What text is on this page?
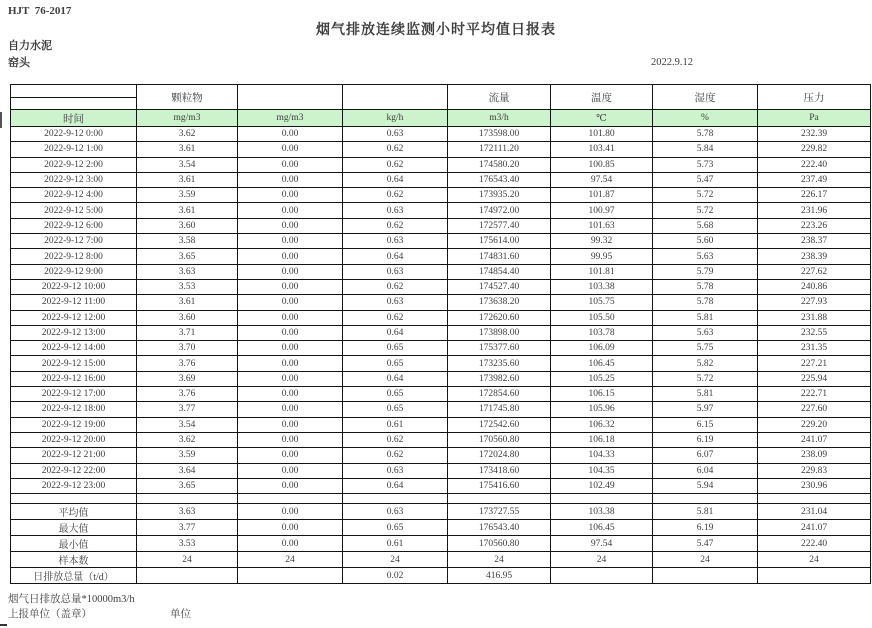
HJT  76-2017
烟气排放连续监测小时平均值日报表
自力水泥
窑头	2022.9.12
	颗粒物			流量	温度	湿度	压力

时间	mg/m3	mg/m3	kg/h	m3/h	℃	%	Pa
2022-9-12 0:00	3.62	0.00	0.63	173598.00	101.80	5.78	232.39
2022-9-12 1:00	3.61	0.00	0.62	172111.20	103.41	5.84	229.82
2022-9-12 2:00	3.54	0.00	0.62	174580.20	100.85	5.73	222.40
2022-9-12 3:00	3.61	0.00	0.64	176543.40	97.54	5.47	237.49
2022-9-12 4:00	3.59	0.00	0.62	173935.20	101.87	5.72	226.17
2022-9-12 5:00	3.61	0.00	0.63	174972.00	100.97	5.72	231.96
2022-9-12 6:00	3.60	0.00	0.62	172577.40	101.63	5.68	223.26
2022-9-12 7:00	3.58	0.00	0.63	175614.00	99.32	5.60	238.37
2022-9-12 8:00	3.65	0.00	0.64	174831.60	99.95	5.63	238.39
2022-9-12 9:00	3.63	0.00	0.63	174854.40	101.81	5.79	227.62
2022-9-12 10:00	3.53	0.00	0.62	174527.40	103.38	5.78	240.86
2022-9-12 11:00	3.61	0.00	0.63	173638.20	105.75	5.78	227.93
2022-9-12 12:00	3.60	0.00	0.62	172620.60	105.50	5.81	231.88
2022-9-12 13:00	3.71	0.00	0.64	173898.00	103.78	5.63	232.55
2022-9-12 14:00	3.70	0.00	0.65	175377.60	106.09	5.75	231.35
2022-9-12 15:00	3.76	0.00	0.65	173235.60	106.45	5.82	227.21
2022-9-12 16:00	3.69	0.00	0.64	173982.60	105.25	5.72	225.94
2022-9-12 17:00	3.76	0.00	0.65	172854.60	106.15	5.81	222.71
2022-9-12 18:00	3.77	0.00	0.65	171745.80	105.96	5.97	227.60
2022-9-12 19:00	3.54	0.00	0.61	172542.60	106.32	6.15	229.20
2022-9-12 20:00	3.62	0.00	0.62	170560.80	106.18	6.19	241.07
2022-9-12 21:00	3.59	0.00	0.62	172024.80	104.33	6.07	238.09
2022-9-12 22:00	3.64	0.00	0.63	173418.60	104.35	6.04	229.83
2022-9-12 23:00	3.65	0.00	0.64	175416.60	102.49	5.94	230.96

平均值	3.63	0.00	0.63	173727.55	103.38	5.81	231.04
最大值	3.77	0.00	0.65	176543.40	106.45	6.19	241.07
最小值	3.53	0.00	0.61	170560.80	97.54	5.47	222.40
样本数	24	24	24	24	24	24	24
日排放总量（t/d）			0.02	416.95			
烟气日排放总量*10000m3/h
上报单位（盖章）	单位
